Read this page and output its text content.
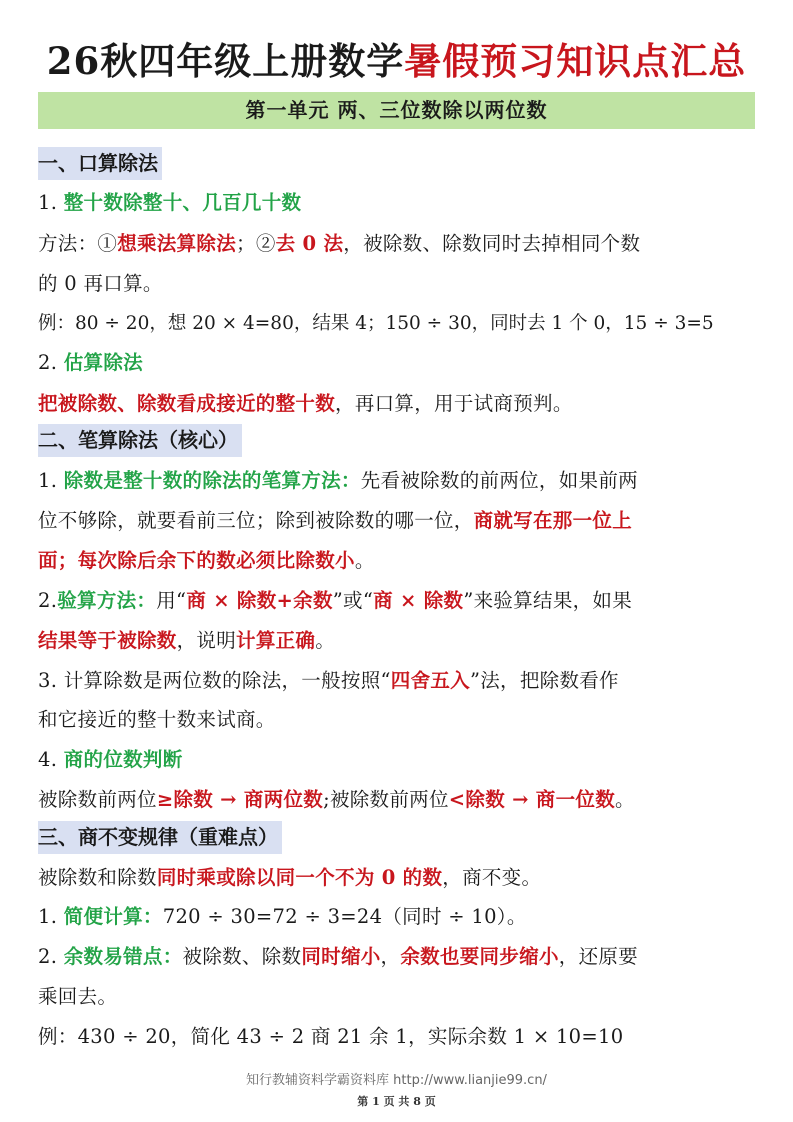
26秋四年级上册数学暑假预习知识点汇总
第一单元 两、三位数除以两位数
一、口算除法
1. 整十数除整十、几百几十数
方法：①想乘法算除法；②去 0 法，被除数、除数同时去掉相同个数
的 0 再口算。
例：80 ÷ 20，想 20 × 4=80，结果 4；150 ÷ 30，同时去 1 个 0，15 ÷ 3=5
2. 估算除法
把被除数、除数看成接近的整十数，再口算，用于试商预判。
二、笔算除法（核心）
1. 除数是整十数的除法的笔算方法：先看被除数的前两位，如果前两
位不够除，就要看前三位；除到被除数的哪一位，商就写在那一位上
面；每次除后余下的数必须比除数小。
2.验算方法：用“商 × 除数+余数”或“商 × 除数”来验算结果，如果
结果等于被除数，说明计算正确。
3. 计算除数是两位数的除法，一般按照“四舍五入”法，把除数看作
和它接近的整十数来试商。
4. 商的位数判断
被除数前两位≥除数 → 商两位数;被除数前两位<除数 → 商一位数。
三、商不变规律（重难点）
被除数和除数同时乘或除以同一个不为 0 的数，商不变。
1. 简便计算：720 ÷ 30=72 ÷ 3=24（同时 ÷ 10）。
2. 余数易错点：被除数、除数同时缩小，余数也要同步缩小，还原要
乘回去。
例：430 ÷ 20，简化 43 ÷ 2 商 21 余 1，实际余数 1 × 10=10
知行教辅资料学霸资料库 http://www.lianjie99.cn/
第 1 页 共 8 页
